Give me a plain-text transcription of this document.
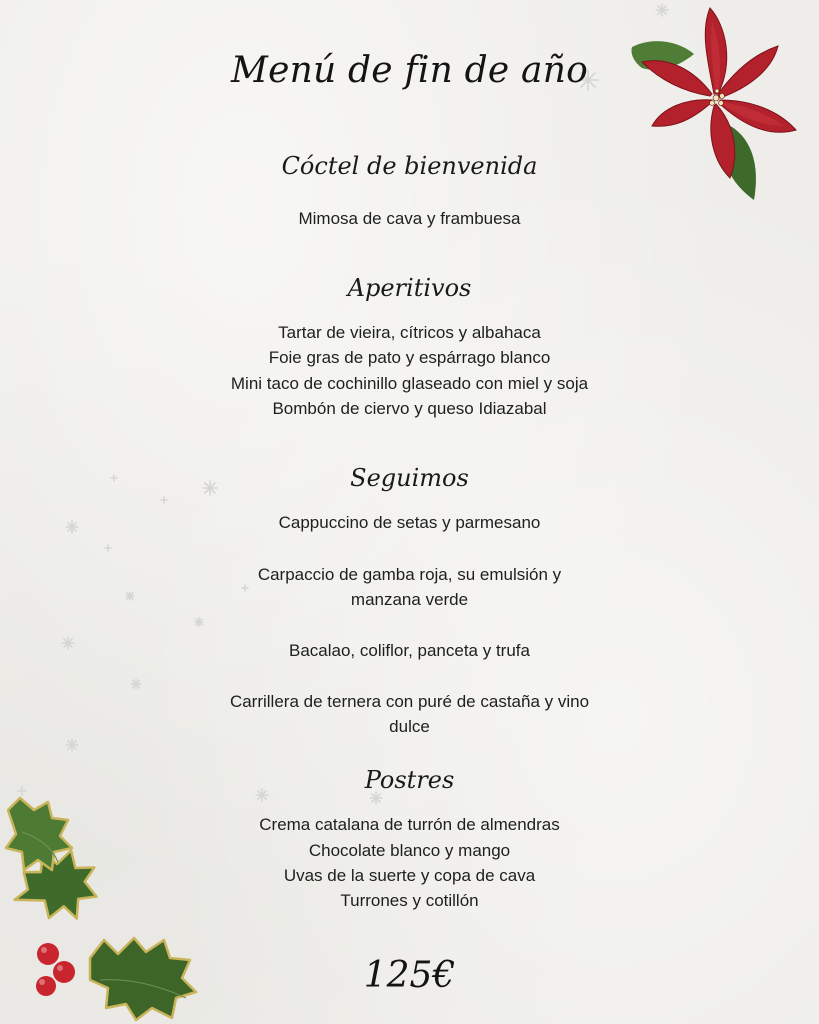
Menú de fin de año
Cóctel de bienvenida
Mimosa de cava y frambuesa
Aperitivos
Tartar de vieira, cítricos y albahaca
Foie gras de pato y espárrago blanco
Mini taco de cochinillo glaseado con miel y soja
Bombón de ciervo y queso Idiazabal
Seguimos
Cappuccino de setas y parmesano
Carpaccio de gamba roja, su emulsión y
manzana verde
Bacalao, coliflor, panceta y trufa
Carrillera de ternera con puré de castaña y vino
dulce
Postres
Crema catalana de turrón de almendras
Chocolate blanco y mango
Uvas de la suerte y copa de cava
Turrones y cotillón
125€
